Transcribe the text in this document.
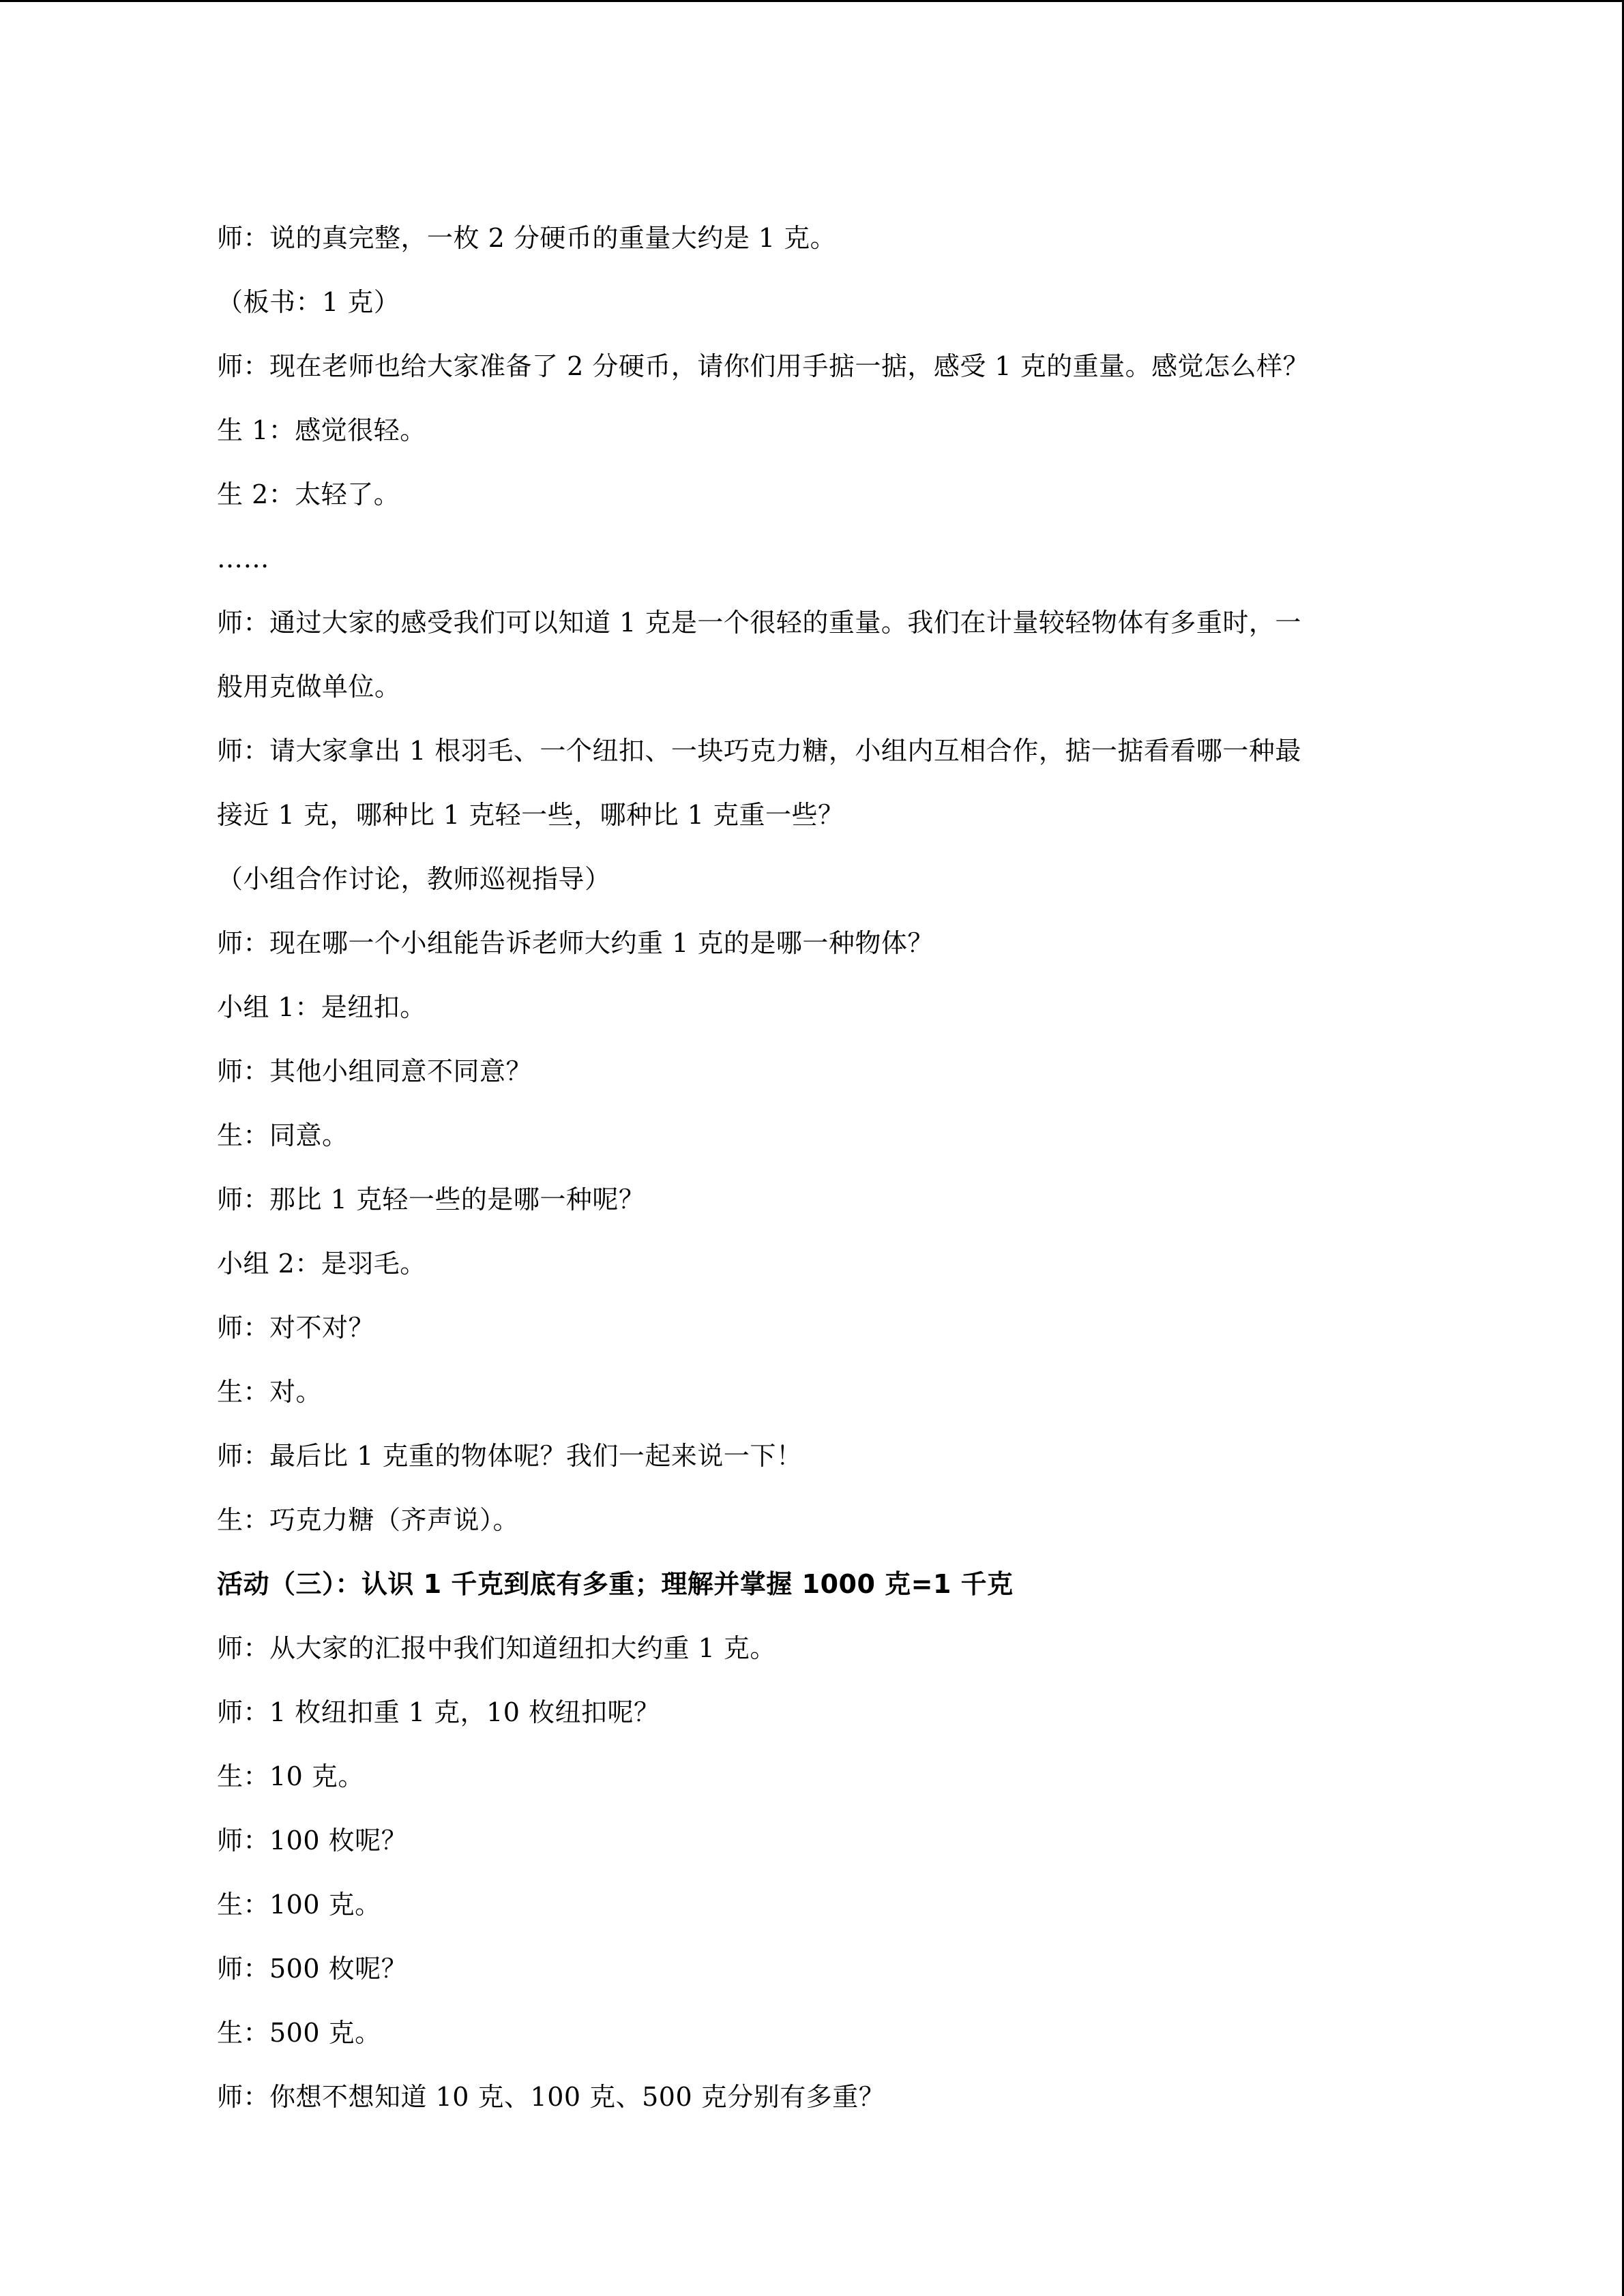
师：说的真完整，一枚 2 分硬币的重量大约是 1 克。
（板书：1 克）
师：现在老师也给大家准备了 2 分硬币，请你们用手掂一掂，感受 1 克的重量。感觉怎么样？
生 1：感觉很轻。
生 2：太轻了。
……
师：通过大家的感受我们可以知道 1 克是一个很轻的重量。我们在计量较轻物体有多重时，一
般用克做单位。
师：请大家拿出 1 根羽毛、一个纽扣、一块巧克力糖，小组内互相合作，掂一掂看看哪一种最
接近 1 克，哪种比 1 克轻一些，哪种比 1 克重一些？
（小组合作讨论，教师巡视指导）
师：现在哪一个小组能告诉老师大约重 1 克的是哪一种物体？
小组 1：是纽扣。
师：其他小组同意不同意？
生：同意。
师：那比 1 克轻一些的是哪一种呢？
小组 2：是羽毛。
师：对不对？
生：对。
师：最后比 1 克重的物体呢？我们一起来说一下！
生：巧克力糖（齐声说）。
活动（三）：认识 1 千克到底有多重；理解并掌握 1000 克=1 千克
师：从大家的汇报中我们知道纽扣大约重 1 克。
师：1 枚纽扣重 1 克，10 枚纽扣呢？
生：10 克。
师：100 枚呢？
生：100 克。
师：500 枚呢？
生：500 克。
师：你想不想知道 10 克、100 克、500 克分别有多重？
